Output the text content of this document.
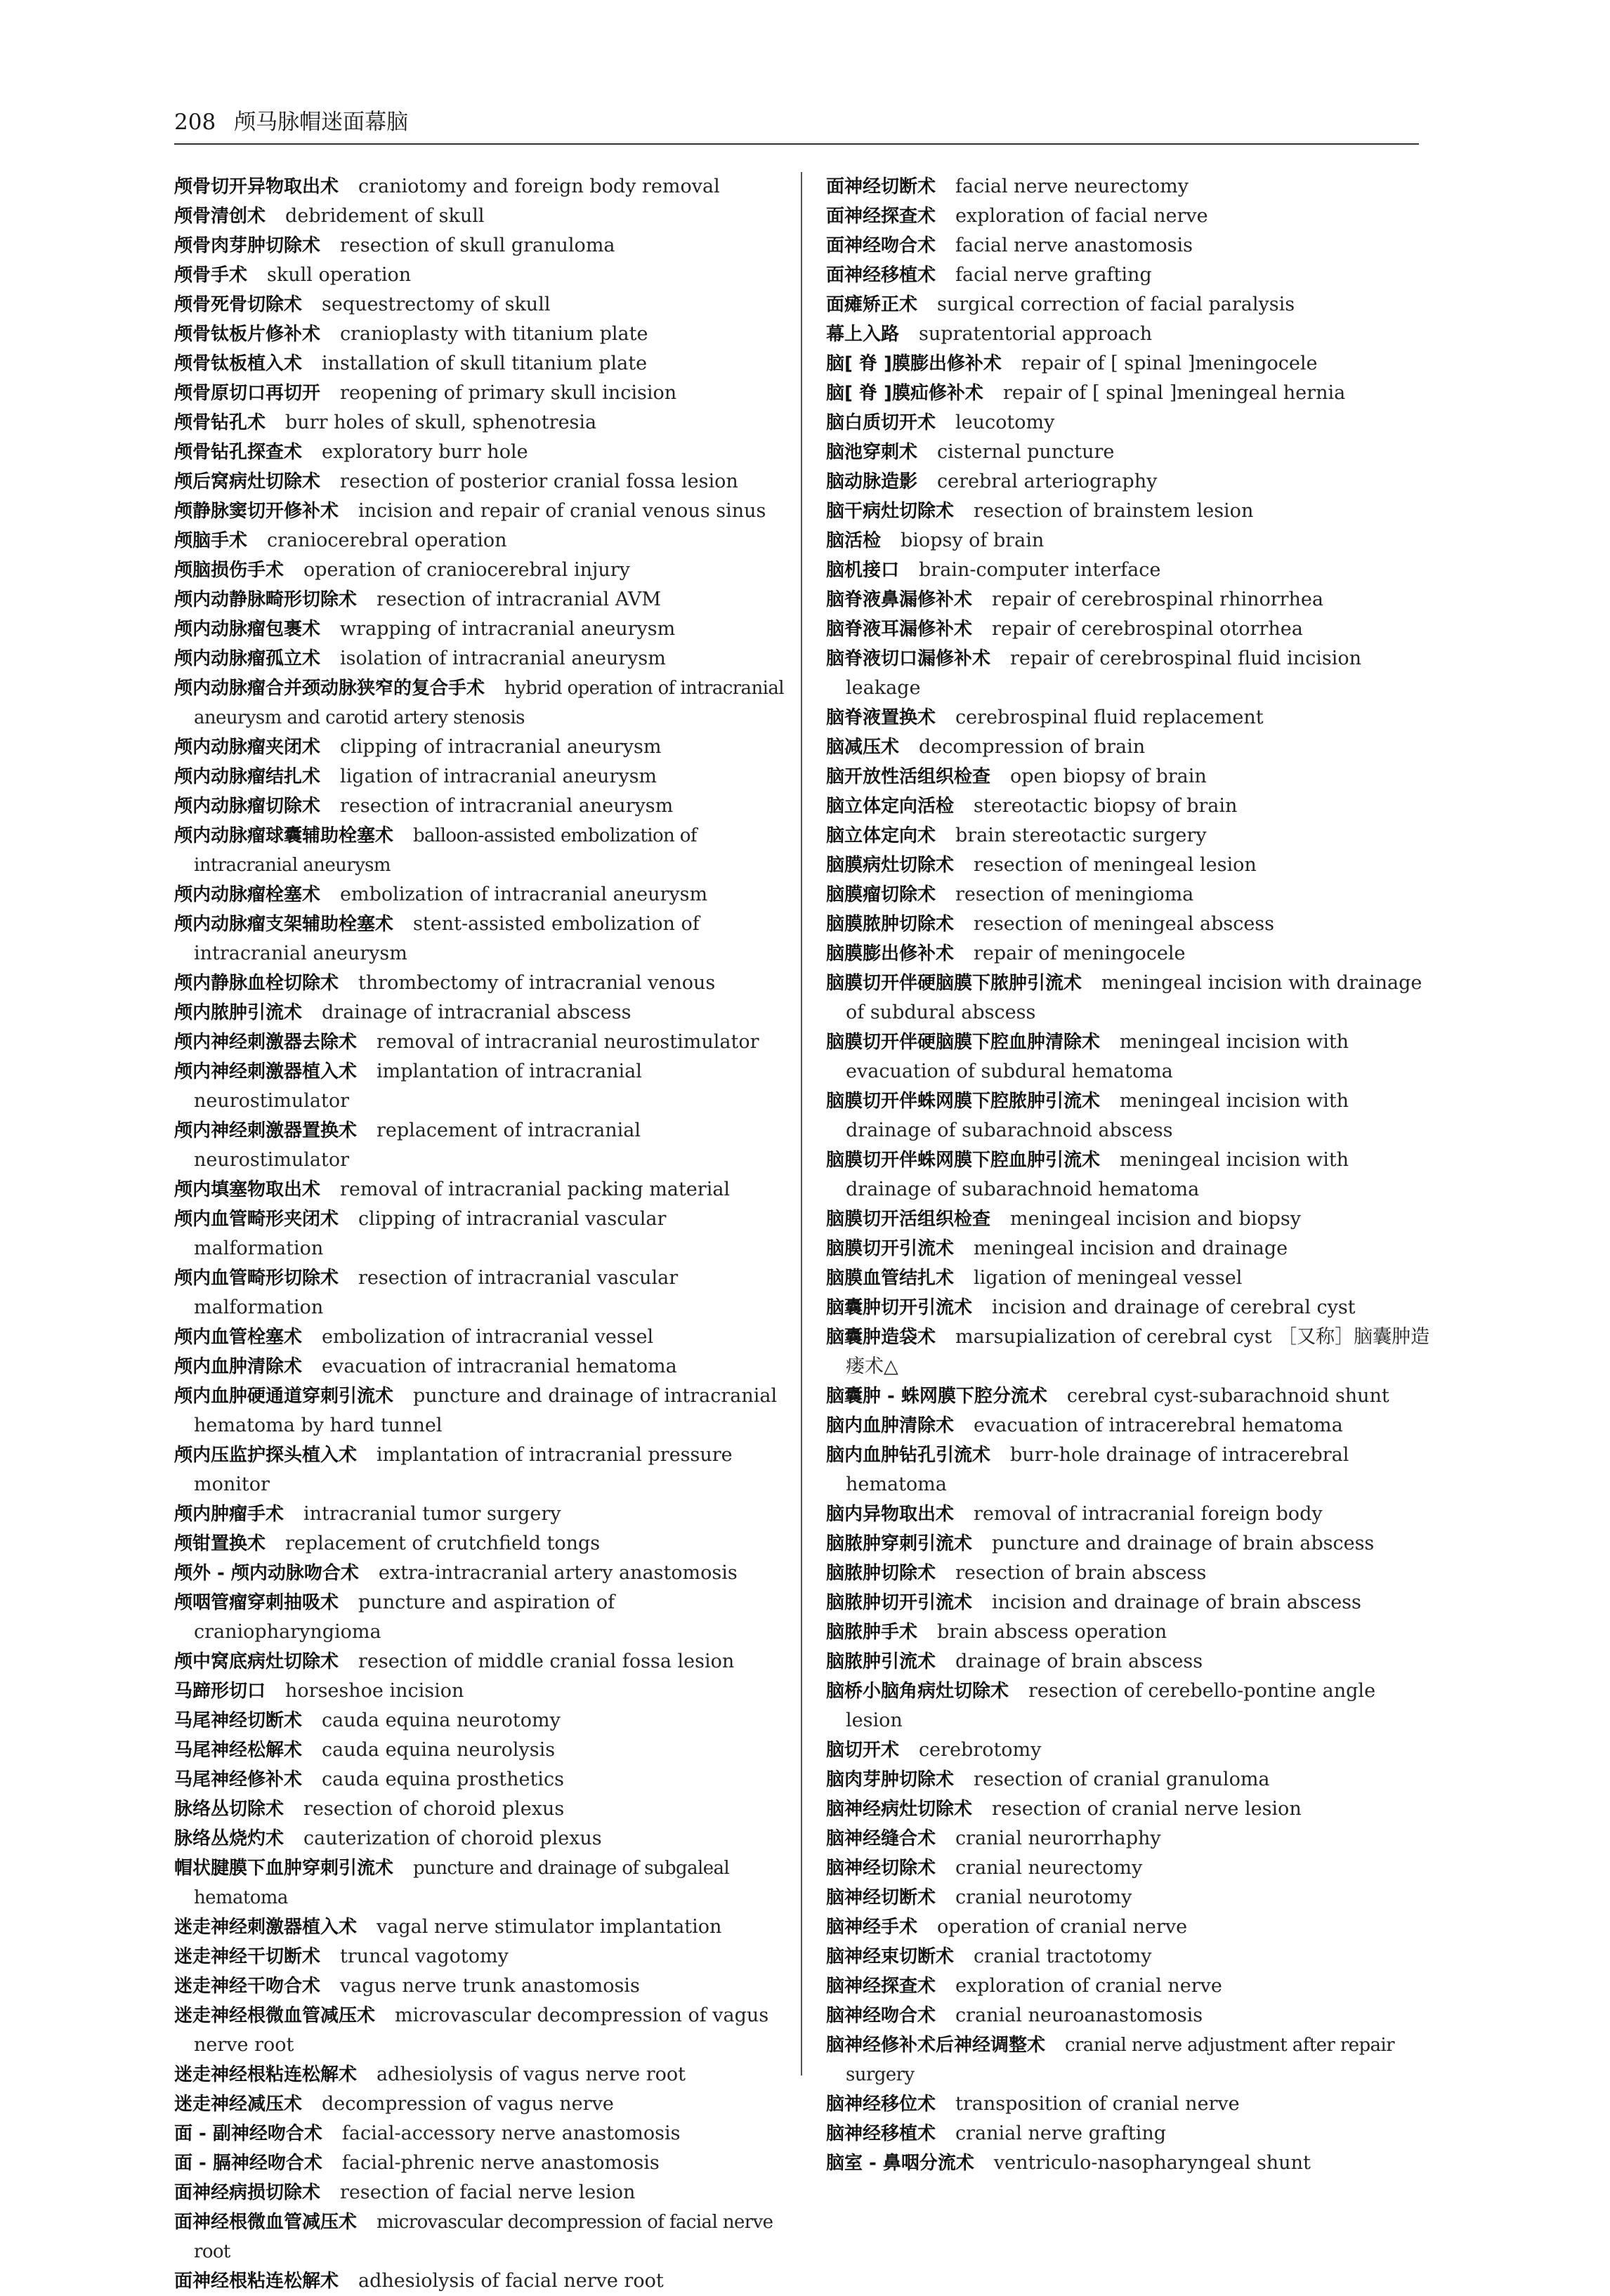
208 颅马脉帽迷面幕脑

颅骨切开异物取出术 craniotomy and foreign body removal

颅骨清创术 debridement of skull

颅骨肉芽肿切除术 resection of skull granuloma

颅骨手术 skull operation

颅骨死骨切除术 sequestrectomy of skull

颅骨钛板片修补术 cranioplasty with titanium plate

颅骨钛板植入术 installation of skull titanium plate

颅骨原切口再切开 reopening of primary skull incision

颅骨钻孔术 burr holes of skull, sphenotresia

颅骨钻孔探查术 exploratory burr hole

颅后窝病灶切除术 resection of posterior cranial fossa lesion

颅静脉窦切开修补术 incision and repair of cranial venous sinus

颅脑手术 craniocerebral operation

颅脑损伤手术 operation of craniocerebral injury

颅内动静脉畸形切除术 resection of intracranial AVM

颅内动脉瘤包裹术 wrapping of intracranial aneurysm

颅内动脉瘤孤立术 isolation of intracranial aneurysm

颅内动脉瘤合并颈动脉狭窄的复合手术 hybrid operation of intracranial aneurysm and carotid artery stenosis

颅内动脉瘤夹闭术 clipping of intracranial aneurysm

颅内动脉瘤结扎术 ligation of intracranial aneurysm

颅内动脉瘤切除术 resection of intracranial aneurysm

颅内动脉瘤球囊辅助栓塞术 balloon-assisted embolization of intracranial aneurysm

颅内动脉瘤栓塞术 embolization of intracranial aneurysm

颅内动脉瘤支架辅助栓塞术 stent-assisted embolization of intracranial aneurysm

颅内静脉血栓切除术 thrombectomy of intracranial venous

颅内脓肿引流术 drainage of intracranial abscess

颅内神经刺激器去除术 removal of intracranial neurostimulator

颅内神经刺激器植入术 implantation of intracranial neurostimulator

颅内神经刺激器置换术 replacement of intracranial neurostimulator

颅内填塞物取出术 removal of intracranial packing material

颅内血管畸形夹闭术 clipping of intracranial vascular malformation

颅内血管畸形切除术 resection of intracranial vascular malformation

颅内血管栓塞术 embolization of intracranial vessel

颅内血肿清除术 evacuation of intracranial hematoma

颅内血肿硬通道穿刺引流术 puncture and drainage of intracranial hematoma by hard tunnel

颅内压监护探头植入术 implantation of intracranial pressure monitor

颅内肿瘤手术 intracranial tumor surgery

颅钳置换术 replacement of crutchfield tongs

颅外 - 颅内动脉吻合术 extra-intracranial artery anastomosis

颅咽管瘤穿刺抽吸术 puncture and aspiration of craniopharyngioma

颅中窝底病灶切除术 resection of middle cranial fossa lesion

马蹄形切口 horseshoe incision

马尾神经切断术 cauda equina neurotomy

马尾神经松解术 cauda equina neurolysis

马尾神经修补术 cauda equina prosthetics

脉络丛切除术 resection of choroid plexus

脉络丛烧灼术 cauterization of choroid plexus

帽状腱膜下血肿穿刺引流术 puncture and drainage of subgaleal hematoma

迷走神经刺激器植入术 vagal nerve stimulator implantation

迷走神经干切断术 truncal vagotomy

迷走神经干吻合术 vagus nerve trunk anastomosis

迷走神经根微血管减压术 microvascular decompression of vagus nerve root

迷走神经根粘连松解术 adhesiolysis of vagus nerve root

迷走神经减压术 decompression of vagus nerve

面 - 副神经吻合术 facial-accessory nerve anastomosis

面 - 膈神经吻合术 facial-phrenic nerve anastomosis

面神经病损切除术 resection of facial nerve lesion

面神经根微血管减压术 microvascular decompression of facial nerve root

面神经根粘连松解术 adhesiolysis of facial nerve root

面神经切断术 facial nerve neurectomy

面神经探查术 exploration of facial nerve

面神经吻合术 facial nerve anastomosis

面神经移植术 facial nerve grafting

面瘫矫正术 surgical correction of facial paralysis

幕上入路 supratentorial approach

脑[ 脊 ]膜膨出修补术 repair of [ spinal ]meningocele

脑[ 脊 ]膜疝修补术 repair of [ spinal ]meningeal hernia

脑白质切开术 leucotomy

脑池穿刺术 cisternal puncture

脑动脉造影 cerebral arteriography

脑干病灶切除术 resection of brainstem lesion

脑活检 biopsy of brain

脑机接口 brain-computer interface

脑脊液鼻漏修补术 repair of cerebrospinal rhinorrhea

脑脊液耳漏修补术 repair of cerebrospinal otorrhea

脑脊液切口漏修补术 repair of cerebrospinal fluid incision leakage

脑脊液置换术 cerebrospinal fluid replacement

脑减压术 decompression of brain

脑开放性活组织检查 open biopsy of brain

脑立体定向活检 stereotactic biopsy of brain

脑立体定向术 brain stereotactic surgery

脑膜病灶切除术 resection of meningeal lesion

脑膜瘤切除术 resection of meningioma

脑膜脓肿切除术 resection of meningeal abscess

脑膜膨出修补术 repair of meningocele

脑膜切开伴硬脑膜下脓肿引流术 meningeal incision with drainage of subdural abscess

脑膜切开伴硬脑膜下腔血肿清除术 meningeal incision with evacuation of subdural hematoma

脑膜切开伴蛛网膜下腔脓肿引流术 meningeal incision with drainage of subarachnoid abscess

脑膜切开伴蛛网膜下腔血肿引流术 meningeal incision with drainage of subarachnoid hematoma

脑膜切开活组织检查 meningeal incision and biopsy

脑膜切开引流术 meningeal incision and drainage

脑膜血管结扎术 ligation of meningeal vessel

脑囊肿切开引流术 incision and drainage of cerebral cyst

脑囊肿造袋术 marsupialization of cerebral cyst ［又称］脑囊肿造瘘术△

脑囊肿 - 蛛网膜下腔分流术 cerebral cyst-subarachnoid shunt

脑内血肿清除术 evacuation of intracerebral hematoma

脑内血肿钻孔引流术 burr-hole drainage of intracerebral hematoma

脑内异物取出术 removal of intracranial foreign body

脑脓肿穿刺引流术 puncture and drainage of brain abscess

脑脓肿切除术 resection of brain abscess

脑脓肿切开引流术 incision and drainage of brain abscess

脑脓肿手术 brain abscess operation

脑脓肿引流术 drainage of brain abscess

脑桥小脑角病灶切除术 resection of cerebello-pontine angle lesion

脑切开术 cerebrotomy

脑肉芽肿切除术 resection of cranial granuloma

脑神经病灶切除术 resection of cranial nerve lesion

脑神经缝合术 cranial neurorrhaphy

脑神经切除术 cranial neurectomy

脑神经切断术 cranial neurotomy

脑神经手术 operation of cranial nerve

脑神经束切断术 cranial tractotomy

脑神经探查术 exploration of cranial nerve

脑神经吻合术 cranial neuroanastomosis

脑神经修补术后神经调整术 cranial nerve adjustment after repair surgery

脑神经移位术 transposition of cranial nerve

脑神经移植术 cranial nerve grafting

脑室 - 鼻咽分流术 ventriculo-nasopharyngeal shunt
